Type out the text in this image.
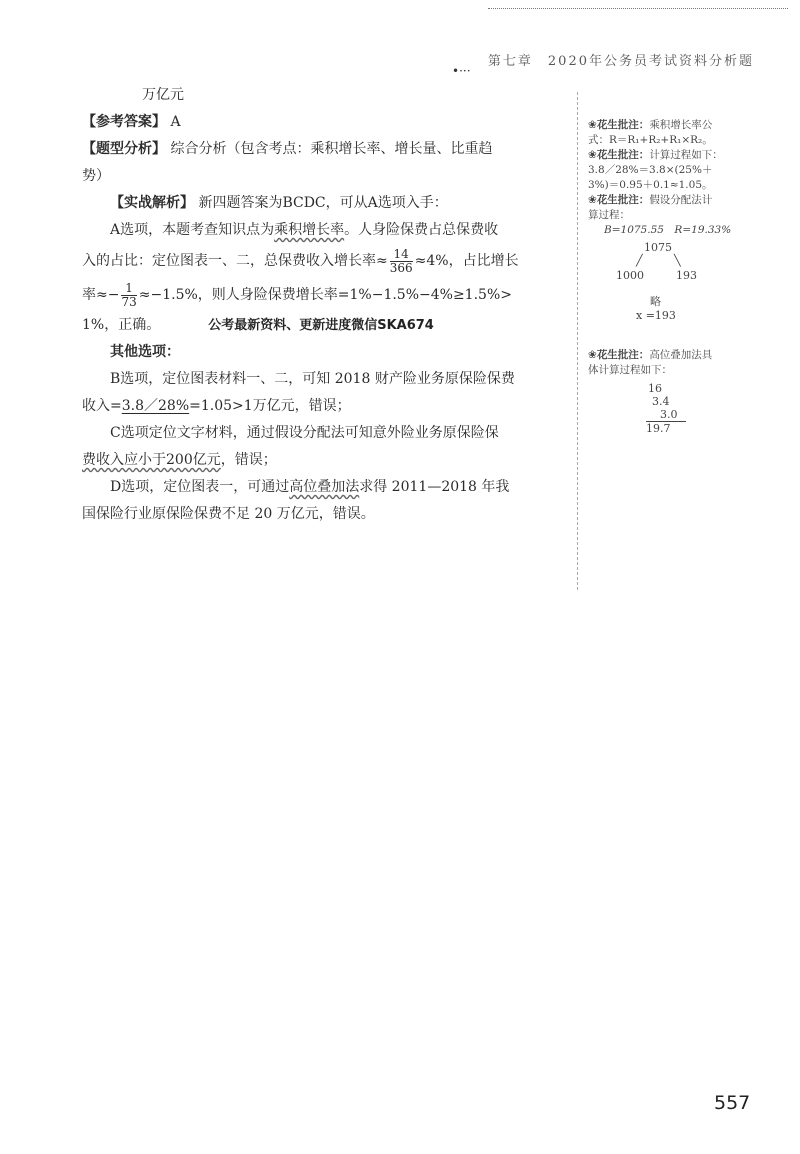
•···
第七章　2020年公务员考试资料分析题
万亿元
【参考答案】 A
【题型分析】 综合分析（包含考点：乘积增长率、增长量、比重趋
势）
【实战解析】 新四题答案为BCDC，可从A选项入手：
A选项，本题考查知识点为乘积增长率。人身险保费占总保费收
入的占比：定位图表一、二，总保费收入增长率≈ $\frac{14}{366} \approx 4\%$，占比增长
率≈− $\frac{1}{73} \approx-1.5\%$，则人身险保费增长率=1%−1.5%−4%≥1.5%>
1%，正确。	公考最新资料、更新进度微信SKA674
其他选项：
B选项，定位图表材料一、二，可知 2018 财产险业务原保险保费
收入=3.8／28%=1.05>1万亿元，错误；
C选项定位文字材料，通过假设分配法可知意外险业务原保险保
费收入应小于200亿元，错误；
D选项，定位图表一，可通过高位叠加法求得 2011—2018 年我
国保险行业原保险保费不足 20 万亿元，错误。
❀花生批注：乘积增长率公
式：R＝R₁+R₂+R₁×R₂。
❀花生批注：计算过程如下：
3.8／28%＝3.8×(25%＋
3%)＝0.95＋0.1≈1.05。
❀花生批注：假设分配法计
算过程：
B=1075.55　R=19.33%
1075
╱	╲
1000	193
略
x =193
❀花生批注：高位叠加法具
体计算过程如下：
16
3.4
3.0
19.7
557
